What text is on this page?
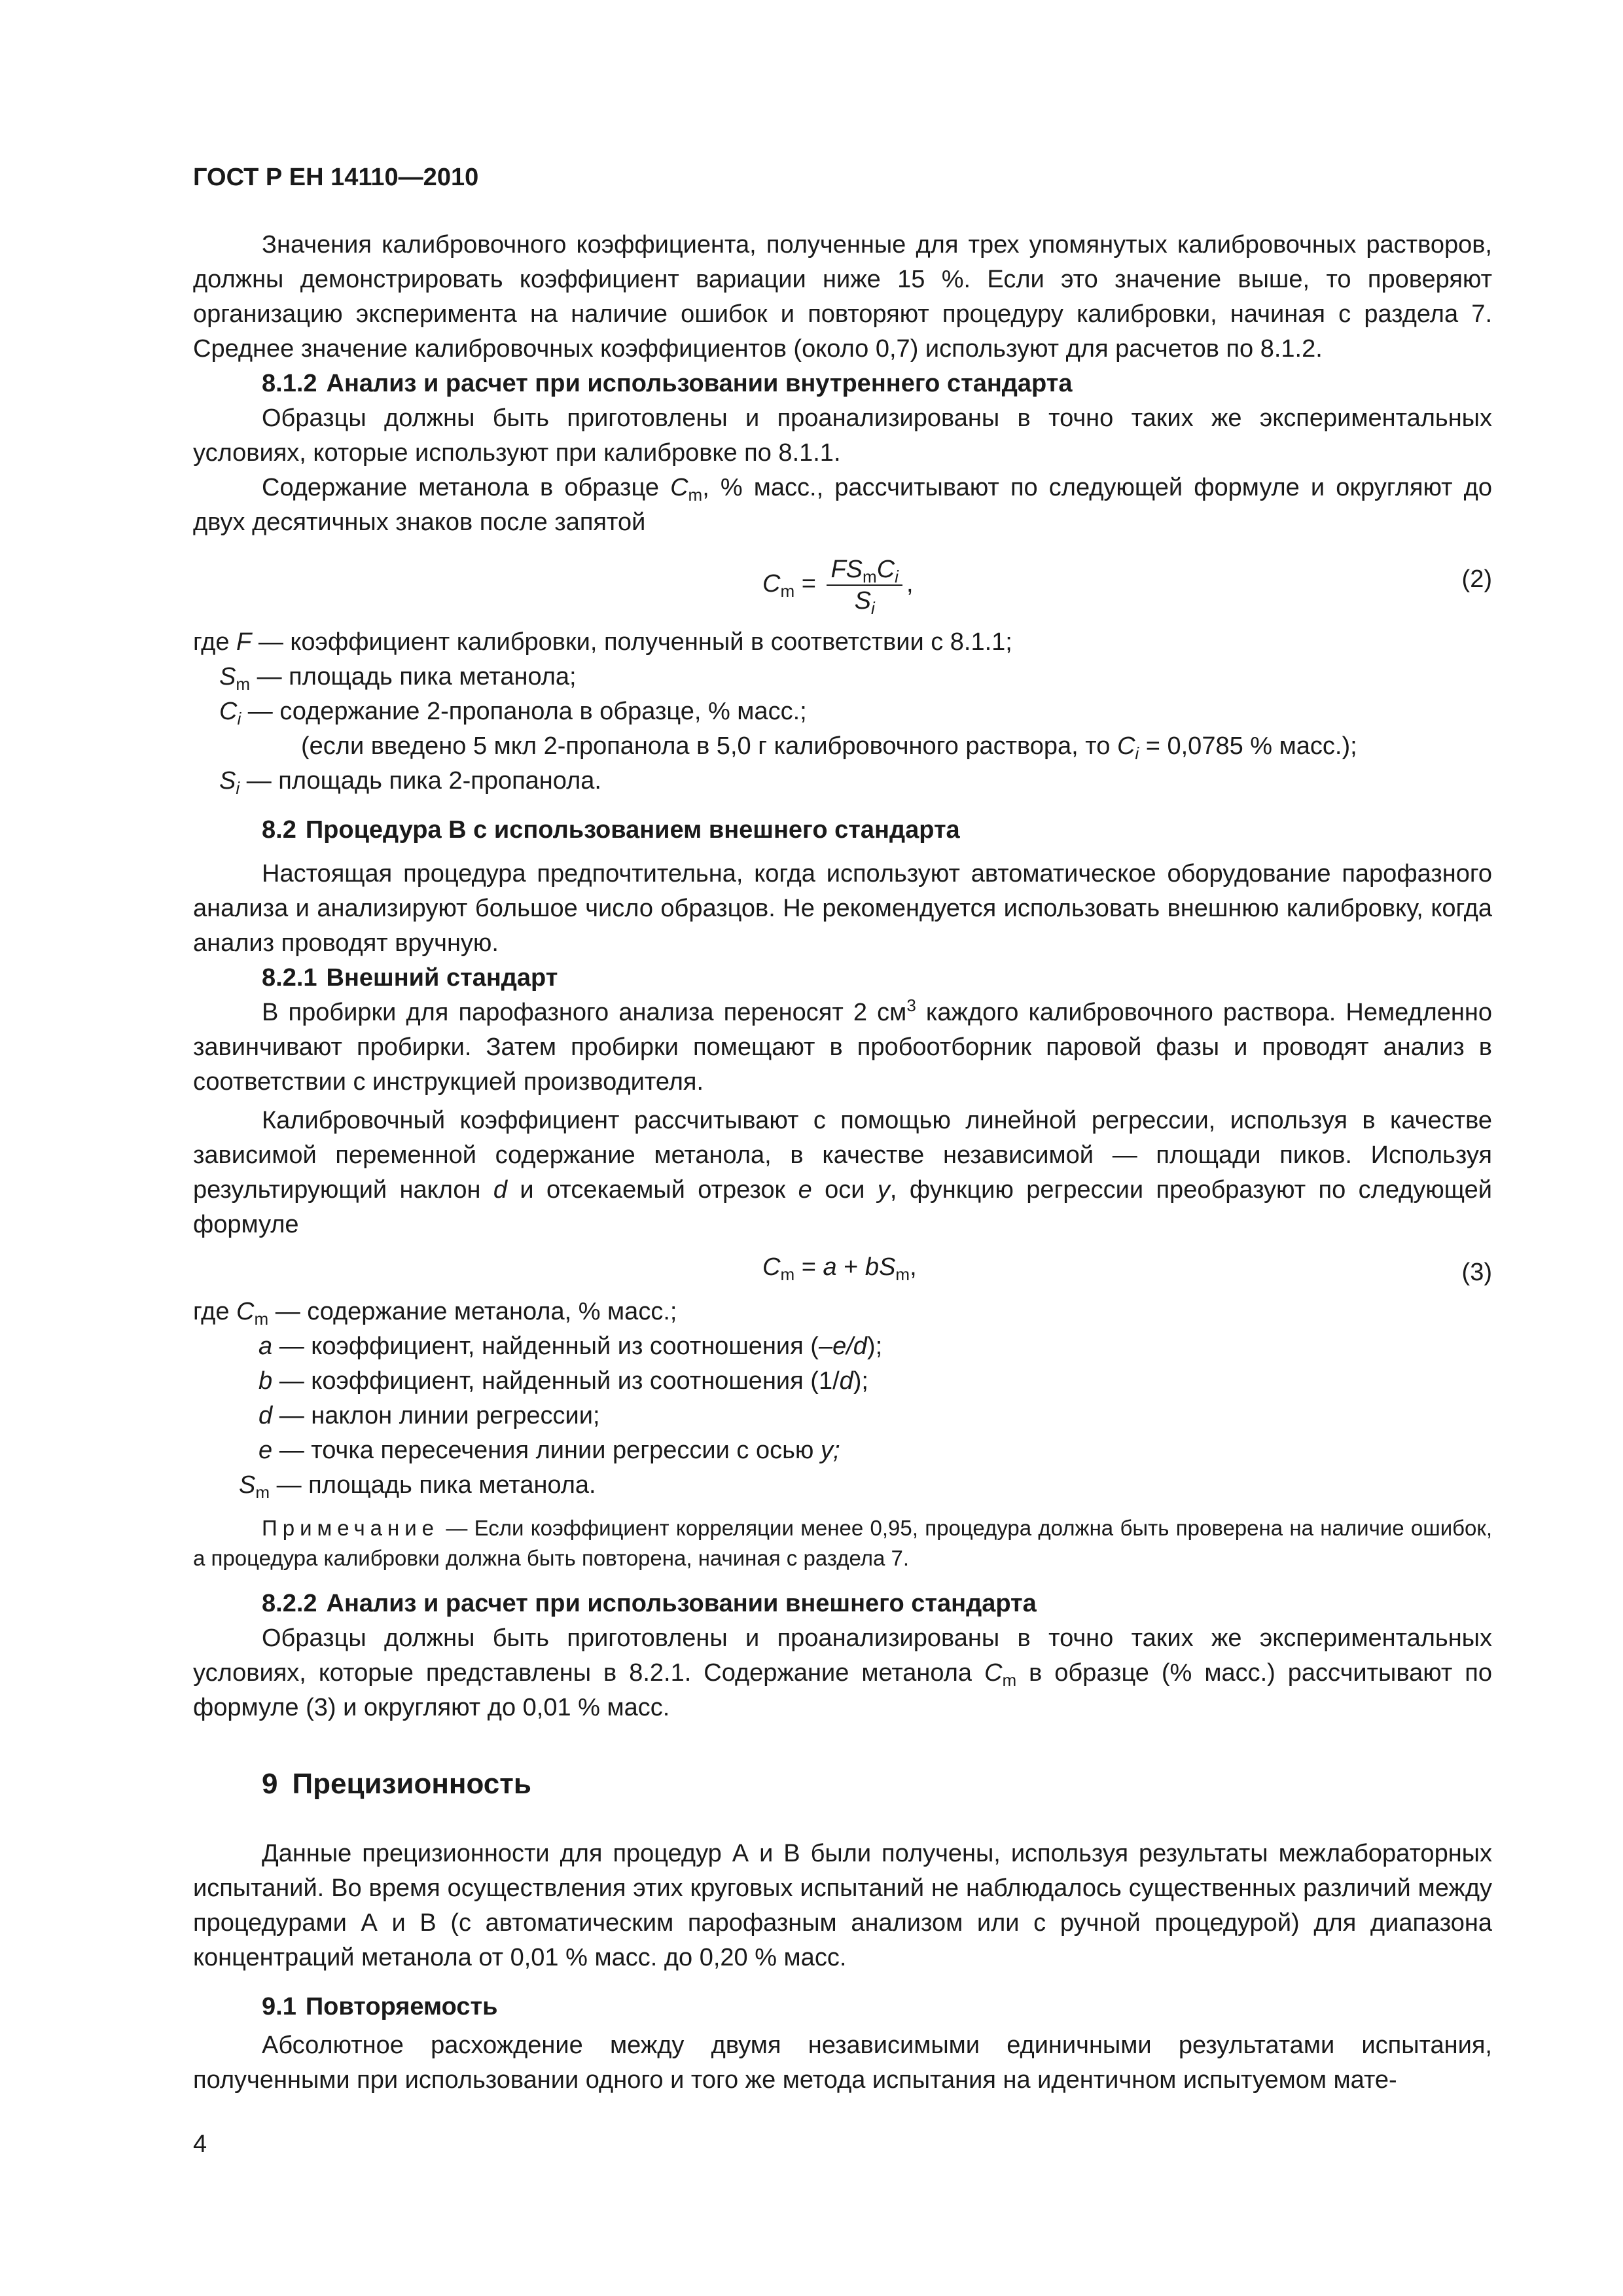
ГОСТ Р ЕН 14110—2010

Значения калибровочного коэффициента, полученные для трех упомянутых калибровочных растворов, должны демонстрировать коэффициент вариации ниже 15 %. Если это значение выше, то проверяют организацию эксперимента на наличие ошибок и повторяют процедуру калибровки, начиная с раздела 7. Среднее значение калибровочных коэффициентов (около 0,7) используют для расчетов по 8.1.2.

8.1.2 Анализ и расчет при использовании внутреннего стандарта

Образцы должны быть приготовлены и проанализированы в точно таких же экспериментальных условиях, которые используют при калибровке по 8.1.1.

Содержание метанола в образце $C_m$, % масс., рассчитывают по следующей формуле и округляют до двух десятичных знаков после запятой

$C_m = \frac{FS_mC_i}{S_i}$ ,	(2)
где F — коэффициент калибровки, полученный в соответствии с 8.1.1;
$S_m$ — площадь пика метанола;
$C_i$ — содержание 2-пропанола в образце, % масс.;
(если введено 5 мкл 2-пропанола в 5,0 г калибровочного раствора, то $C_i = 0,0785$ % масс.);
$S_i$ — площадь пика 2-пропанола.
8.2 Процедура В с использованием внешнего стандарта

Настоящая процедура предпочтительна, когда используют автоматическое оборудование парофазного анализа и анализируют большое число образцов. Не рекомендуется использовать внешнюю калибровку, когда анализ проводят вручную.

8.2.1 Внешний стандарт

В пробирки для парофазного анализа переносят 2 $см^3$ каждого калибровочного раствора. Немедленно завинчивают пробирки. Затем пробирки помещают в пробоотборник паровой фазы и проводят анализ в соответствии с инструкцией производителя.

Калибровочный коэффициент рассчитывают с помощью линейной регрессии, используя в качестве зависимой переменной содержание метанола, в качестве независимой — площади пиков. Используя результирующий наклон d и отсекаемый отрезок e оси y, функцию регрессии преобразуют по следующей формуле

$C_m = a + bS_m$,	(3)
где $C_m$ — содержание метанола, % масс.;
a — коэффициент, найденный из соотношения (–e/d);
b — коэффициент, найденный из соотношения (1/d);
d — наклон линии регрессии;
e — точка пересечения линии регрессии с осью y;
$S_m$ — площадь пика метанола.

Примечание — Если коэффициент корреляции менее 0,95, процедура должна быть проверена на наличие ошибок, а процедура калибровки должна быть повторена, начиная с раздела 7.

8.2.2 Анализ и расчет при использовании внешнего стандарта

Образцы должны быть приготовлены и проанализированы в точно таких же экспериментальных условиях, которые представлены в 8.2.1. Содержание метанола $C_m$ в образце (% масс.) рассчитывают по формуле (3) и округляют до 0,01 % масс.

9 Прецизионность

Данные прецизионности для процедур А и В были получены, используя результаты межлабораторных испытаний. Во время осуществления этих круговых испытаний не наблюдалось существенных различий между процедурами А и В (с автоматическим парофазным анализом или с ручной процедурой) для диапазона концентраций метанола от 0,01 % масс. до 0,20 % масс.

9.1 Повторяемость

Абсолютное расхождение между двумя независимыми единичными результатами испытания, полученными при использовании одного и того же метода испытания на идентичном испытуемом мате-

4
